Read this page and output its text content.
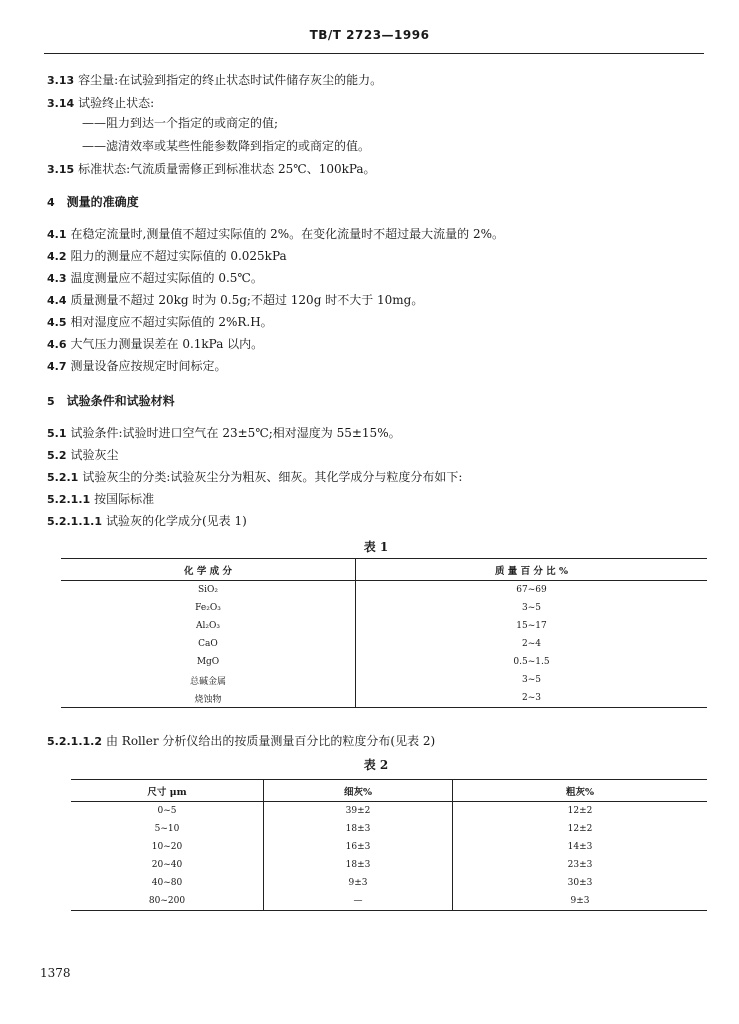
TB/T 2723—1996
3.13 容尘量:在试验到指定的终止状态时试件储存灰尘的能力。
3.14 试验终止状态:
——阻力到达一个指定的或商定的值;
——滤清效率或某些性能参数降到指定的或商定的值。
3.15 标准状态:气流质量需修正到标准状态 25℃、100kPa。
4 测量的准确度
4.1 在稳定流量时,测量值不超过实际值的 2%。在变化流量时不超过最大流量的 2%。
4.2 阻力的测量应不超过实际值的 0.025kPa
4.3 温度测量应不超过实际值的 0.5℃。
4.4 质量测量不超过 20kg 时为 0.5g;不超过 120g 时不大于 10mg。
4.5 相对湿度应不超过实际值的 2%R.H。
4.6 大气压力测量误差在 0.1kPa 以内。
4.7 测量设备应按规定时间标定。
5 试验条件和试验材料
5.1 试验条件:试验时进口空气在 23±5℃;相对湿度为 55±15%。
5.2 试验灰尘
5.2.1 试验灰尘的分类:试验灰尘分为粗灰、细灰。其化学成分与粒度分布如下:
5.2.1.1 按国际标准
5.2.1.1.1 试验灰的化学成分(见表 1)
表 1
化 学 成 分	质 量 百 分 比 %
SiO₂	67~69
Fe₂O₃	3~5
Al₂O₃	15~17
CaO	2~4
MgO	0.5~1.5
总碱金属	3~5
烧蚀物	2~3
5.2.1.1.2 由 Roller 分析仪给出的按质量测量百分比的粒度分布(见表 2)
表 2
尺寸 μm	细灰%	粗灰%
0~5	39±2	12±2
5~10	18±3	12±2
10~20	16±3	14±3
20~40	18±3	23±3
40~80	9±3	30±3
80~200	—	9±3
1378
